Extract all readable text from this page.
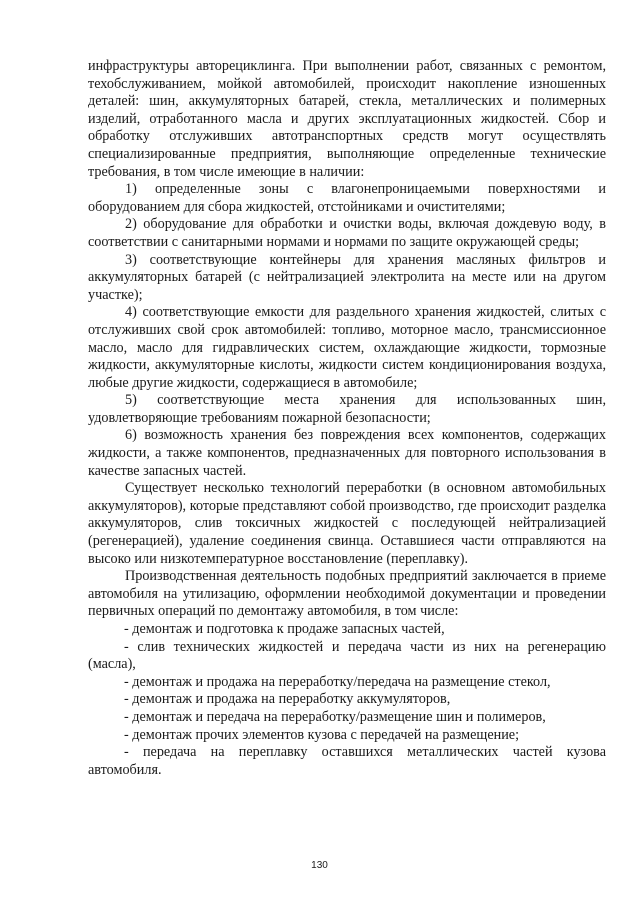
инфраструктуры авторециклинга. При выполнении работ, связанных с ремонтом, техобслуживанием, мойкой автомобилей, происходит накопление изношенных деталей: шин, аккумуляторных батарей, стекла, металлических и полимерных изделий, отработанного масла и других эксплуатационных жидкостей. Сбор и обработку отслуживших автотранспортных средств могут осуществлять специализированные предприятия, выполняющие определенные технические требования, в том числе имеющие в наличии:

1) определенные зоны с влагонепроницаемыми поверхностями и оборудованием для сбора жидкостей, отстойниками и очистителями;

2) оборудование для обработки и очистки воды, включая дождевую воду, в соответствии с санитарными нормами и нормами по защите окружающей среды;

3) соответствующие контейнеры для хранения масляных фильтров и аккумуляторных батарей (с нейтрализацией электролита на месте или на другом участке);

4) соответствующие емкости для раздельного хранения жидкостей, слитых с отслуживших свой срок автомобилей: топливо, моторное масло, трансмиссионное масло, масло для гидравлических систем, охлаждающие жидкости, тормозные жидкости, аккумуляторные кислоты, жидкости систем кондиционирования воздуха, любые другие жидкости, содержащиеся в автомобиле;

5) соответствующие места хранения для использованных шин, удовлетворяющие требованиям пожарной безопасности;

6) возможность хранения без повреждения всех компонентов, содержащих жидкости, а также компонентов, предназначенных для повторного использования в качестве запасных частей.

Существует несколько технологий переработки (в основном автомобильных аккумуляторов), которые представляют собой производство, где происходит разделка аккумуляторов, слив токсичных жидкостей с последующей нейтрализацией (регенерацией), удаление соединения свинца. Оставшиеся части отправляются на высоко или низкотемпературное восстановление (переплавку).

Производственная деятельность подобных предприятий заключается в приеме автомобиля на утилизацию, оформлении необходимой документации и проведении первичных операций по демонтажу автомобиля, в том числе:

- демонтаж и подготовка к продаже запасных частей,

- слив технических жидкостей и передача части из них на регенерацию (масла),

- демонтаж и продажа на переработку/передача на размещение стекол,

- демонтаж и продажа на переработку аккумуляторов,

- демонтаж и передача на переработку/размещение шин и полимеров,

- демонтаж прочих элементов кузова с передачей на размещение;

- передача на переплавку оставшихся металлических частей кузова автомобиля.

130
